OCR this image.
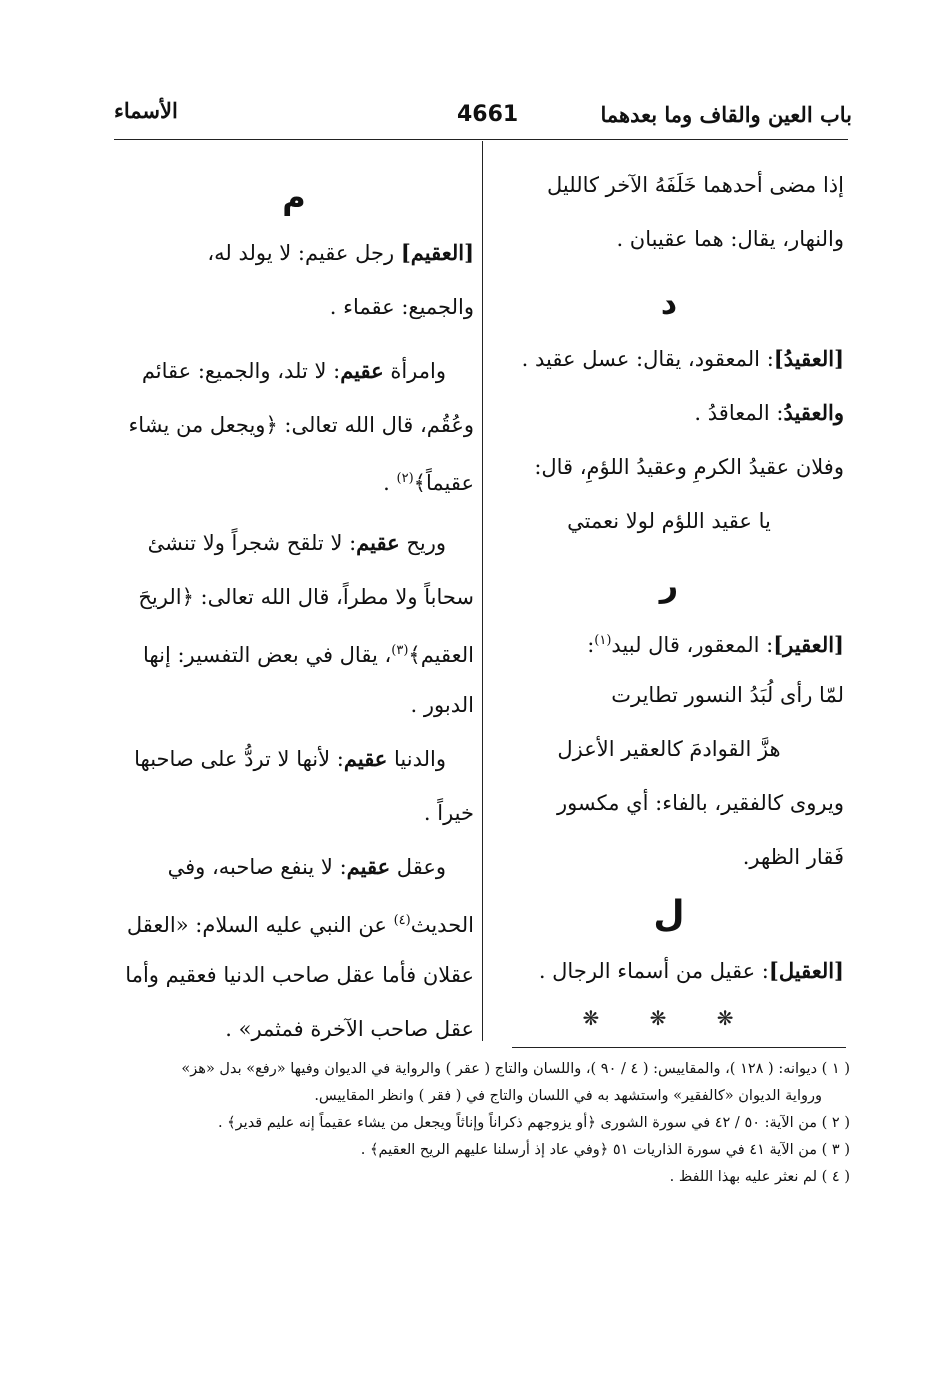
باب العين والقاف وما بعدهما
4661
الأسماء
إذا مضى أحدهما خَلَفَهُ الآخر كالليل
والنهار، يقال: هما عقيبان .
د
[العقيدُ]: المعقود، يقال: عسل عقيد .
والعقيدُ: المعاقدُ .
وفلان عقيدُ الكرمِ وعقيدُ اللؤمِ، قال:
يا عقيد اللؤم لولا نعمتي
ر
[العقير]: المعقور، قال لبيد$^{(١)}$:
لمّا رأى لُبَدُ النسور تطايرت
هزَّ القوادمَ كالعقير الأعزل
ويروى كالفقير، بالفاء: أي مكسور
فَقار الظهر.
ل
[العقيل]: عقيل من أسماء الرجال .
❋ ❋ ❋
م
[العقيم] رجل عقيم: لا يولد له،
والجميع: عقماء .
وامرأة عقيم: لا تلد، والجميع: عقائم
وعُقُم، قال الله تعالى: ﴿ويجعل من يشاء
عقيماً﴾$^{(٢)}$ .
وريح عقيم: لا تلقح شجراً ولا تنشئ
سحاباً ولا مطراً، قال الله تعالى: ﴿الريحَ
العقيم﴾$^{(٣)}$، يقال في بعض التفسير: إنها
الدبور .
والدنيا عقيم: لأنها لا تردُّ على صاحبها
خيراً .
وعقل عقيم: لا ينفع صاحبه، وفي
الحديث$^{(٤)}$ عن النبي عليه السلام: «العقل
عقلان فأما عقل صاحب الدنيا فعقيم وأما
عقل صاحب الآخرة فمثمر» .
( ١ ) ديوانه: ( ١٢٨ )، والمقاييس: ( ٤ / ٩٠ )، واللسان والتاج ( عقر ) والرواية في الديوان وفيها «رفع» بدل «هز»
ورواية الديوان «كالفقير» واستشهد به في اللسان والتاج في ( فقر ) وانظر المقاييس.
( ٢ ) من الآية: ٥٠ / ٤٢ في سورة الشورى ﴿أو يزوجهم ذكراناً وإناثاً ويجعل من يشاء عقيماً إنه عليم قدير﴾ .
( ٣ ) من الآية ٤١ في سورة الذاريات ٥١ ﴿وفي عاد إذ أرسلنا عليهم الريح العقيم﴾ .
( ٤ ) لم نعثر عليه بهذا اللفظ .
